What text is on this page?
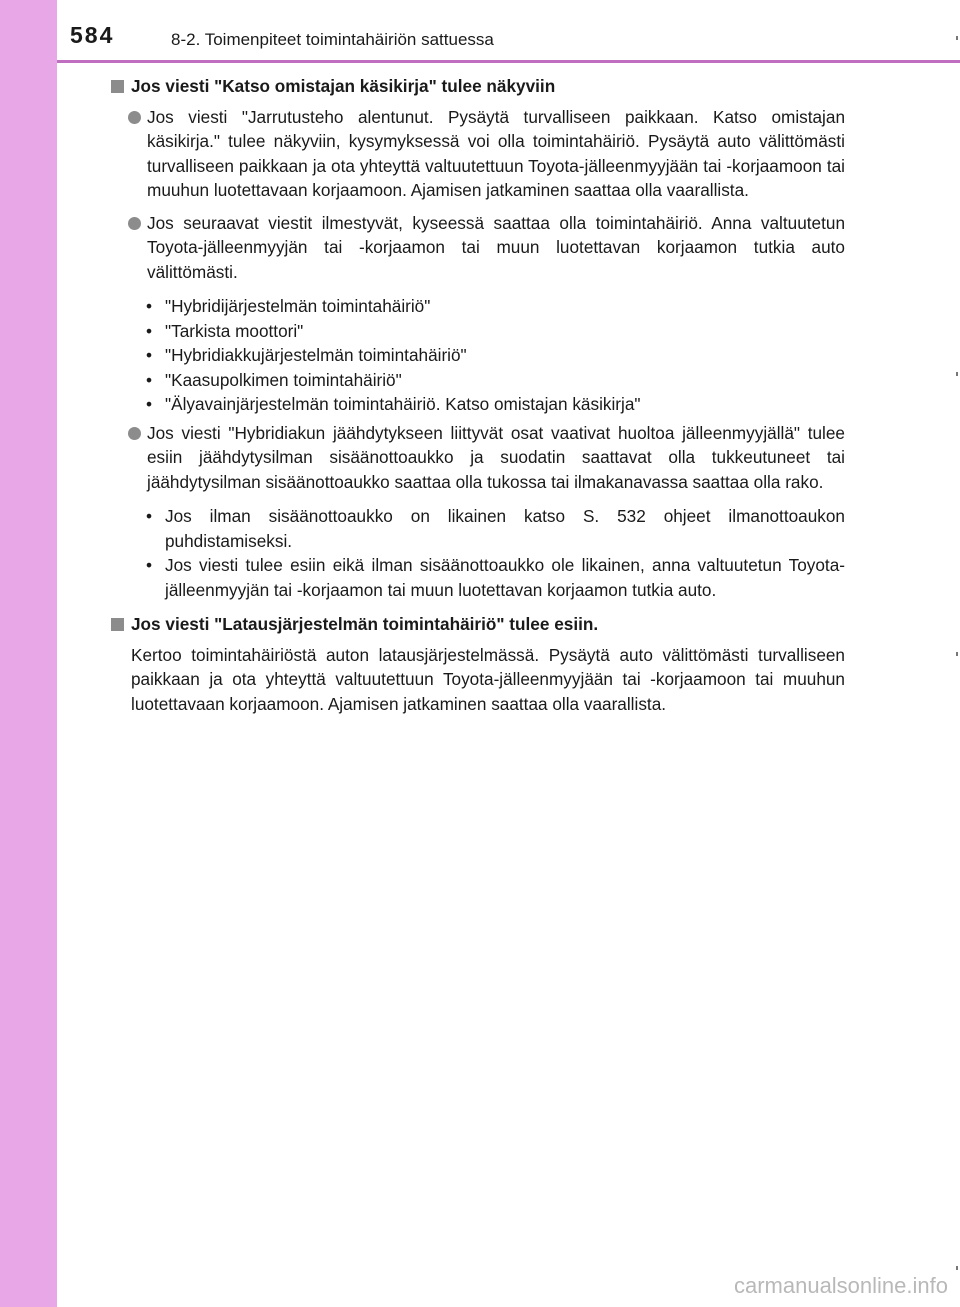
584	8-2. Toimenpiteet toimintahäiriön sattuessa
Jos viesti "Katso omistajan käsikirja" tulee näkyviin
Jos viesti "Jarrutusteho alentunut. Pysäytä turvalliseen paikkaan. Katso omistajan käsikirja." tulee näkyviin, kysymyksessä voi olla toimintahäiriö. Pysäytä auto välittömästi turvalliseen paikkaan ja ota yhteyttä valtuutettuun Toyota-jälleenmyyjään tai -korjaamoon tai muuhun luotettavaan korjaamoon. Ajamisen jatkaminen saattaa olla vaarallista.
Jos seuraavat viestit ilmestyvät, kyseessä saattaa olla toimintahäiriö. Anna valtuutetun Toyota-jälleenmyyjän tai -korjaamon tai muun luotettavan korjaamon tutkia auto välittömästi.
• "Hybridijärjestelmän toimintahäiriö"
• "Tarkista moottori"
• "Hybridiakkujärjestelmän toimintahäiriö"
• "Kaasupolkimen toimintahäiriö"
• "Älyavainjärjestelmän toimintahäiriö. Katso omistajan käsikirja"
Jos viesti "Hybridiakun jäähdytykseen liittyvät osat vaativat huoltoa jälleenmyyjällä" tulee esiin jäähdytysilman sisäänottoaukko ja suodatin saattavat olla tukkeutuneet tai jäähdytysilman sisäänottoaukko saattaa olla tukossa tai ilmakanavassa saattaa olla rako.
• Jos ilman sisäänottoaukko on likainen katso S. 532 ohjeet ilmanottoaukon puhdistamiseksi.
• Jos viesti tulee esiin eikä ilman sisäänottoaukko ole likainen, anna valtuutetun Toyota-jälleenmyyjän tai -korjaamon tai muun luotettavan korjaamon tutkia auto.
Jos viesti "Latausjärjestelmän toimintahäiriö" tulee esiin.

Kertoo toimintahäiriöstä auton latausjärjestelmässä. Pysäytä auto välittömästi turvalliseen paikkaan ja ota yhteyttä valtuutettuun Toyota-jälleenmyyjään tai -korjaamoon tai muuhun luotettavaan korjaamoon. Ajamisen jatkaminen saattaa olla vaarallista.

carmanualsonline.info
